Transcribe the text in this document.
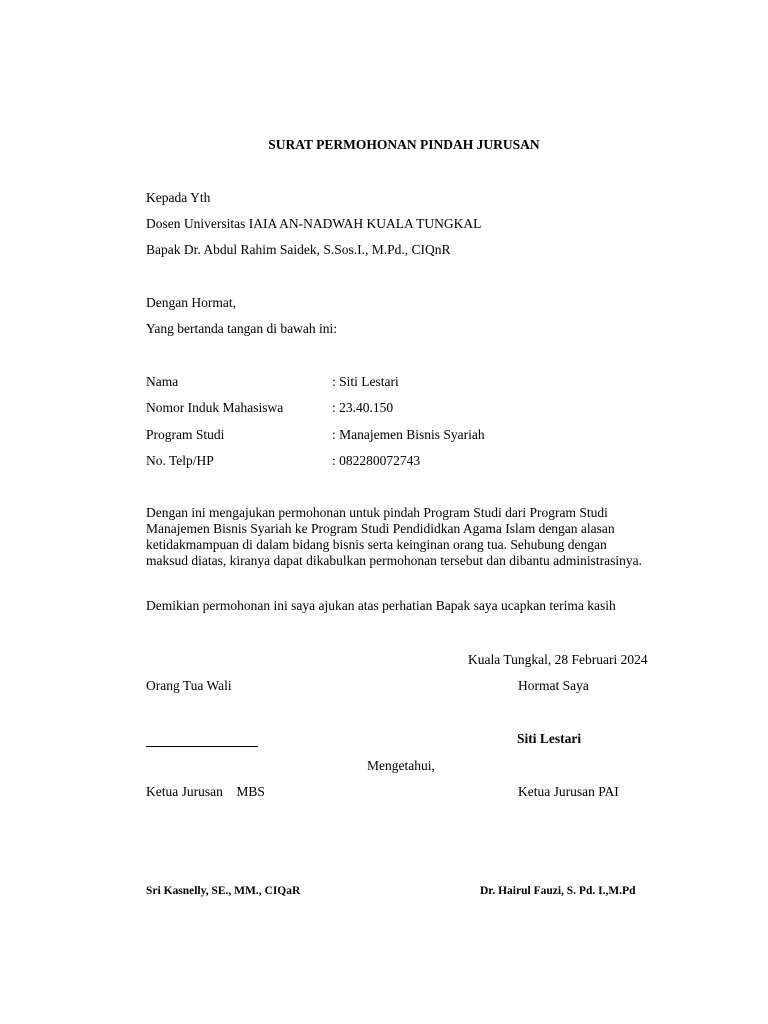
SURAT PERMOHONAN PINDAH JURUSAN
Kepada Yth
Dosen Universitas IAIA AN-NADWAH KUALA TUNGKAL
Bapak Dr. Abdul Rahim Saidek, S.Sos.I., M.Pd., CIQnR
Dengan Hormat,
Yang bertanda tangan di bawah ini:
Nama	: Siti Lestari
Nomor Induk Mahasiswa	: 23.40.150
Program Studi	: Manajemen Bisnis Syariah
No. Telp/HP	: 082280072743
Dengan ini mengajukan permohonan untuk pindah Program Studi dari Program Studi Manajemen Bisnis Syariah ke Program Studi Pendididkan Agama Islam dengan alasan ketidakmampuan di dalam bidang bisnis serta keinginan orang tua. Sehubung dengan maksud diatas, kiranya dapat dikabulkan permohonan tersebut dan dibantu administrasinya.
Demikian permohonan ini saya ajukan atas perhatian Bapak saya ucapkan terima kasih
Kuala Tungkal, 28 Februari 2024
Orang Tua Wali	Hormat Saya
Siti Lestari
Mengetahui,
Ketua Jurusan    MBS	Ketua Jurusan PAI
Sri Kasnelly, SE., MM., CIQaR	Dr. Hairul Fauzi, S. Pd. I.,M.Pd
